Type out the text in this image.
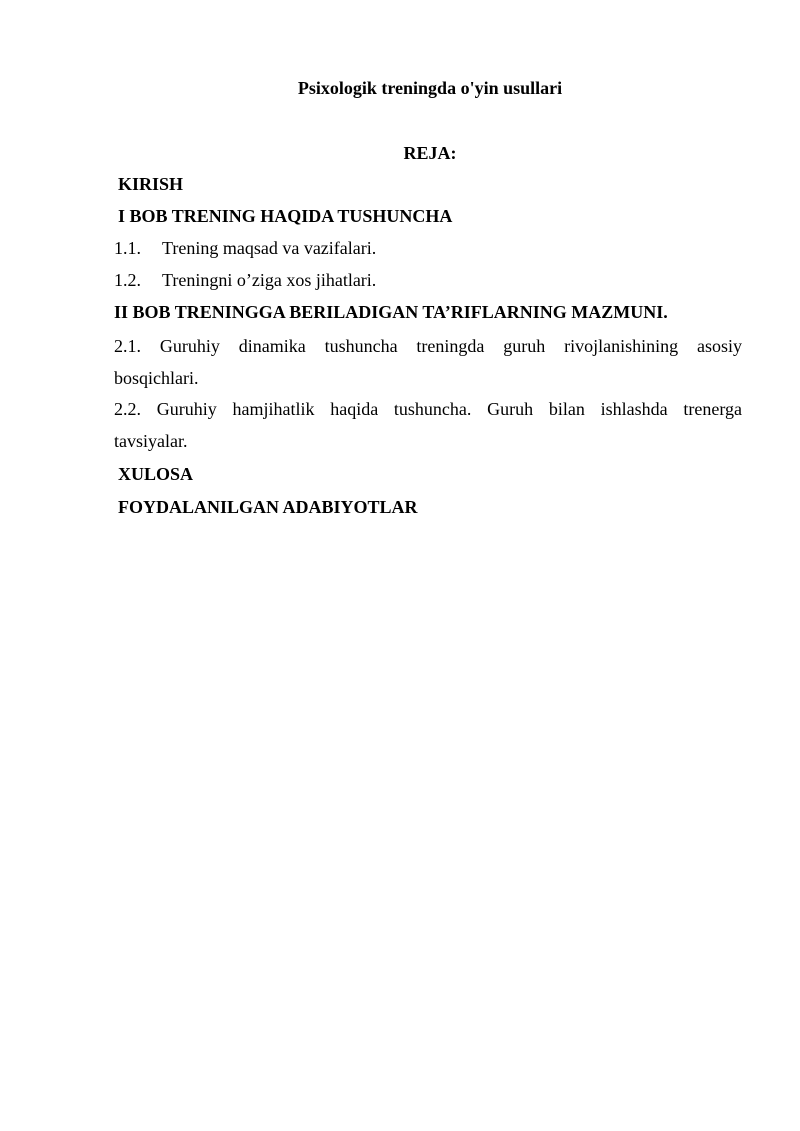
Psixologik treningda o'yin usullari
REJA:
KIRISH
I BOB TRENING HAQIDA TUSHUNCHA
1.1. Trening maqsad va vazifalari.
1.2. Treningni o’ziga xos jihatlari.
II BOB TRENINGGA BERILADIGAN TA’RIFLARNING MAZMUNI.
2.1. Guruhiy dinamika tushuncha treningda guruh rivojlanishining asosiy
bosqichlari.
2.2. Guruhiy hamjihatlik haqida tushuncha. Guruh bilan ishlashda trenerga
tavsiyalar.
XULOSA
FOYDALANILGAN ADABIYOTLAR
